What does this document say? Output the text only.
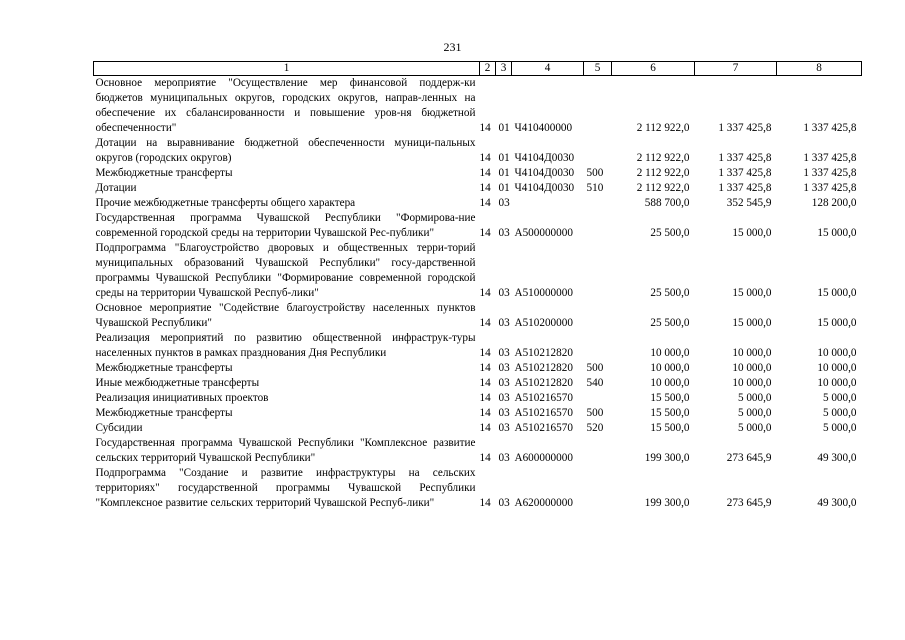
231
1	2	3	4	5	6	7	8
Основное мероприятие "Осуществление мер финансовой поддерж-ки бюджетов муниципальных округов, городских округов, направ-ленных на обеспечение их сбалансированности и повышение уров-ня бюджетной обеспеченности"	14	01	Ч410400000		2 112 922,0	1 337 425,8	1 337 425,8
Дотации на выравнивание бюджетной обеспеченности муници-пальных округов (городских округов)	14	01	Ч4104Д0030		2 112 922,0	1 337 425,8	1 337 425,8
Межбюджетные трансферты	14	01	Ч4104Д0030	500	2 112 922,0	1 337 425,8	1 337 425,8
Дотации	14	01	Ч4104Д0030	510	2 112 922,0	1 337 425,8	1 337 425,8
Прочие межбюджетные трансферты общего характера	14	03			588 700,0	352 545,9	128 200,0
Государственная программа Чувашской Республики "Формирова-ние современной городской среды на территории Чувашской Рес-публики"	14	03	A500000000		25 500,0	15 000,0	15 000,0
Подпрограмма "Благоустройство дворовых и общественных терри-торий муниципальных образований Чувашской Республики" госу-дарственной программы Чувашской Республики "Формирование современной городской среды на территории Чувашской Респуб-лики"	14	03	A510000000		25 500,0	15 000,0	15 000,0
Основное мероприятие "Содействие благоустройству населенных пунктов Чувашской Республики"	14	03	A510200000		25 500,0	15 000,0	15 000,0
Реализация мероприятий по развитию общественной инфраструк-туры населенных пунктов в рамках празднования Дня Республики	14	03	A510212820		10 000,0	10 000,0	10 000,0
Межбюджетные трансферты	14	03	A510212820	500	10 000,0	10 000,0	10 000,0
Иные межбюджетные трансферты	14	03	A510212820	540	10 000,0	10 000,0	10 000,0
Реализация инициативных проектов	14	03	A510216570		15 500,0	5 000,0	5 000,0
Межбюджетные трансферты	14	03	A510216570	500	15 500,0	5 000,0	5 000,0
Субсидии	14	03	A510216570	520	15 500,0	5 000,0	5 000,0
Государственная программа Чувашской Республики "Комплексное развитие сельских территорий Чувашской Республики"	14	03	A600000000		199 300,0	273 645,9	49 300,0
Подпрограмма "Создание и развитие инфраструктуры на сельских территориях" государственной программы Чувашской Республики "Комплексное развитие сельских территорий Чувашской Респуб-лики"	14	03	A620000000		199 300,0	273 645,9	49 300,0
